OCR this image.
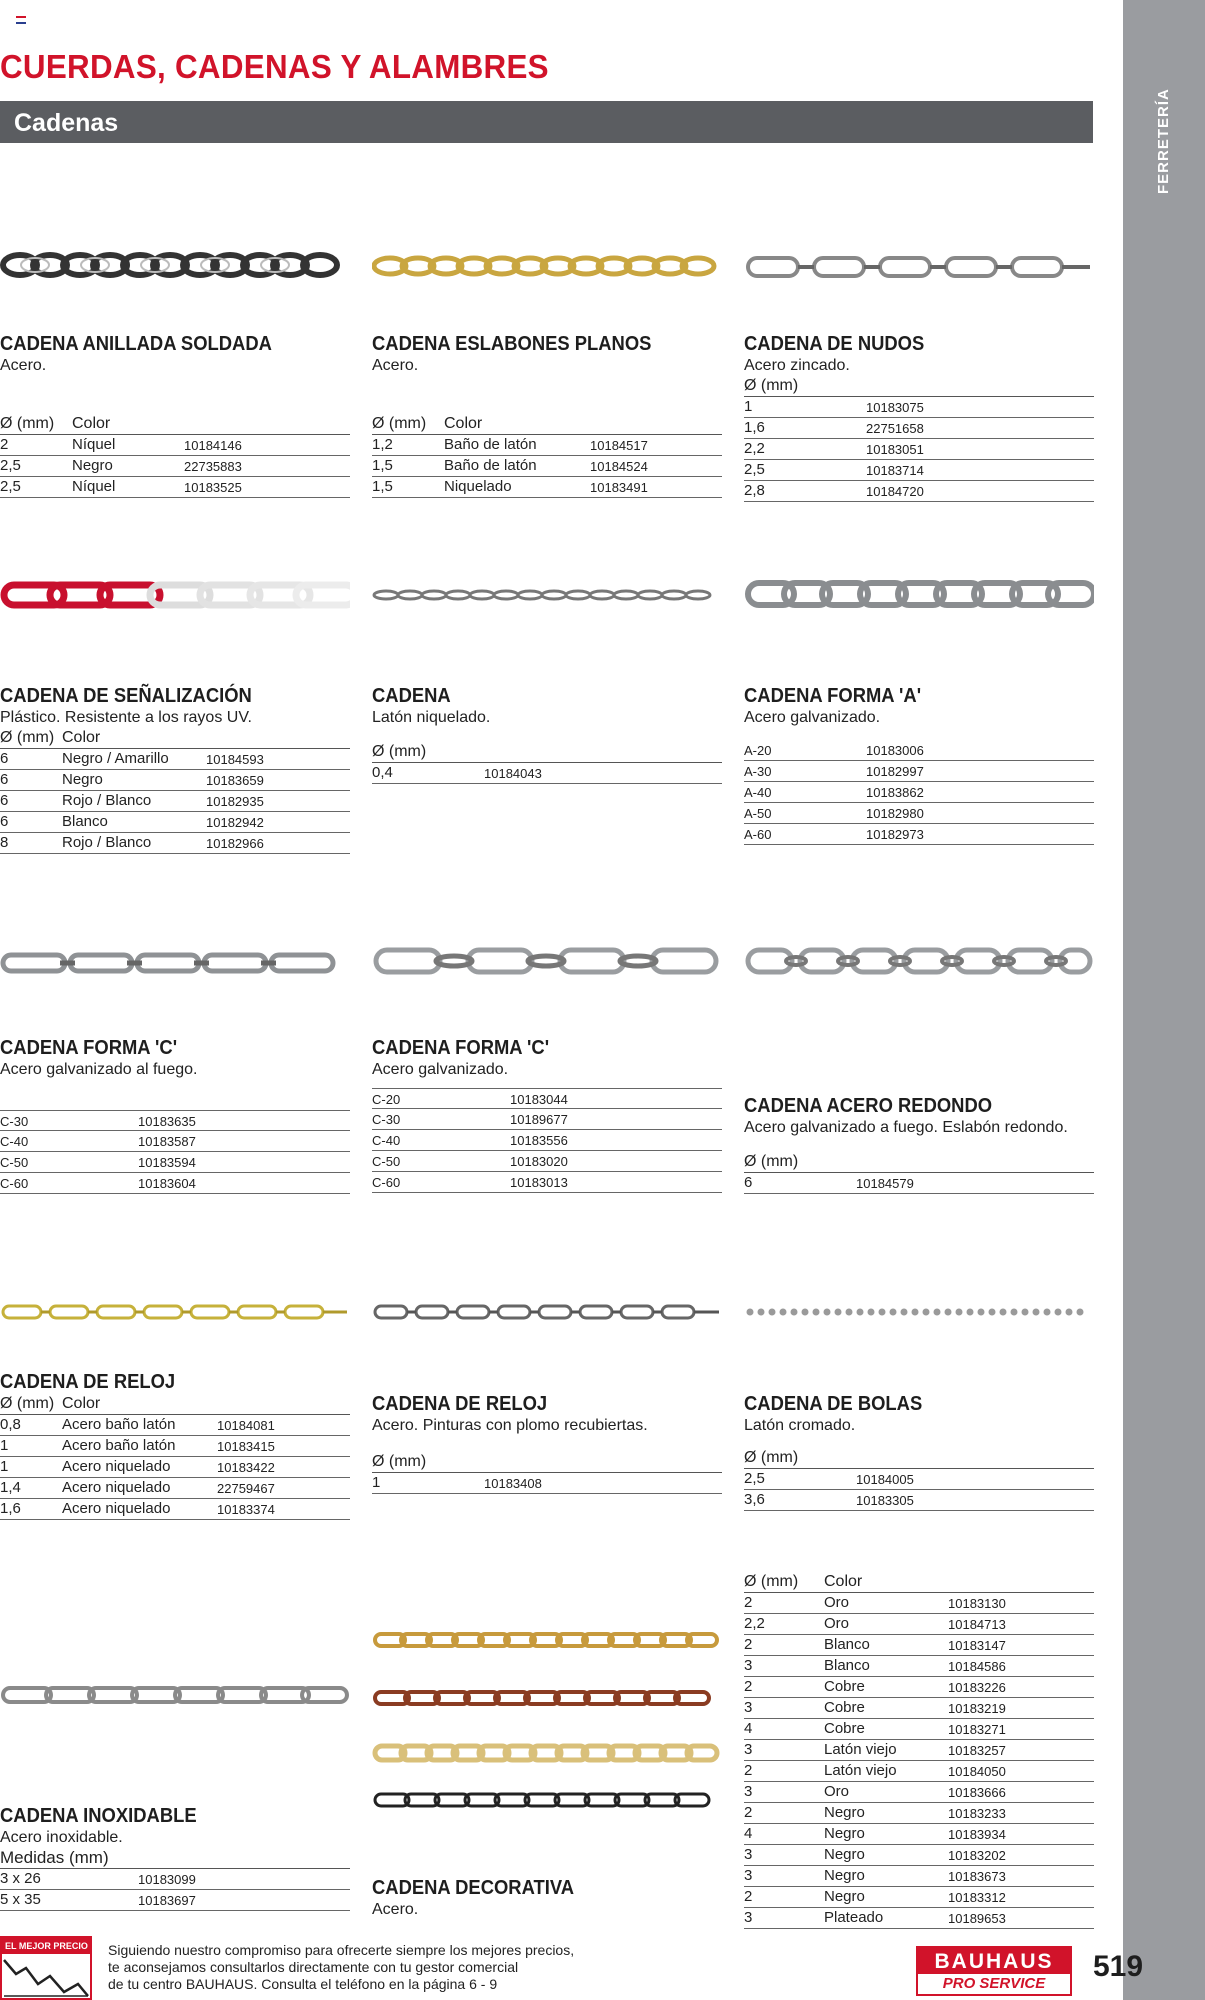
CUERDAS, CADENAS Y ALAMBRES
Cadenas	FERRETERÍA
CADENA ANILLADA SOLDADA
Acero.
Ø (mm)	Color
2	Níquel	10184146
2,5	Negro	22735883
2,5	Níquel	10183525
CADENA ESLABONES PLANOS
Acero.
Ø (mm)	Color
1,2	Baño de latón	10184517
1,5	Baño de latón	10184524
1,5	Niquelado	10183491
CADENA DE NUDOS
Acero zincado.
Ø (mm)
1	10183075
1,6	22751658
2,2	10183051
2,5	10183714
2,8	10184720
CADENA DE SEÑALIZACIÓN
Plástico. Resistente a los rayos UV.
Ø (mm) Color
6	Negro / Amarillo	10184593
6	Negro	10183659
6	Rojo / Blanco	10182935
6	Blanco	10182942
8	Rojo / Blanco	10182966
CADENA
Latón niquelado.
Ø (mm)
0,4	10184043
CADENA FORMA 'A'
Acero galvanizado.
A-20	10183006
A-30	10182997
A-40	10183862
A-50	10182980
A-60	10182973
CADENA FORMA 'C'
Acero galvanizado al fuego.
C-30	10183635
C-40	10183587
C-50	10183594
C-60	10183604
CADENA FORMA 'C'
Acero galvanizado.
C-20	10183044
C-30	10189677
C-40	10183556
C-50	10183020
C-60	10183013
CADENA ACERO REDONDO
Acero galvanizado a fuego. Eslabón redondo.
Ø (mm)
6	10184579
CADENA DE RELOJ
Ø (mm) Color
0,8	Acero baño latón	10184081
1	Acero baño latón	10183415
1	Acero niquelado	10183422
1,4	Acero niquelado	22759467
1,6	Acero niquelado	10183374
CADENA DE RELOJ
Acero. Pinturas con plomo recubiertas.
Ø (mm)
1	10183408
CADENA DE BOLAS
Latón cromado.
Ø (mm)
2,5	10184005
3,6	10183305
CADENA INOXIDABLE
Acero inoxidable.
Medidas (mm)
3 x 26	10183099
5 x 35	10183697
CADENA DECORATIVA
Acero.
Ø (mm)	Color
2	Oro	10183130
2,2	Oro	10184713
2	Blanco	10183147
3	Blanco	10184586
2	Cobre	10183226
3	Cobre	10183219
4	Cobre	10183271
3	Latón viejo	10183257
2	Latón viejo	10184050
3	Oro	10183666
2	Negro	10183233
4	Negro	10183934
3	Negro	10183202
3	Negro	10183673
2	Negro	10183312
3	Plateado	10189653
EL MEJOR PRECIO Siguiendo nuestro compromiso para ofrecerte siempre los mejores precios,
te aconsejamos consultarlos directamente con tu gestor comercial
de tu centro BAUHAUS. Consulta el teléfono en la página 6 - 9
BAUHAUS
PRO SERVICE
519
